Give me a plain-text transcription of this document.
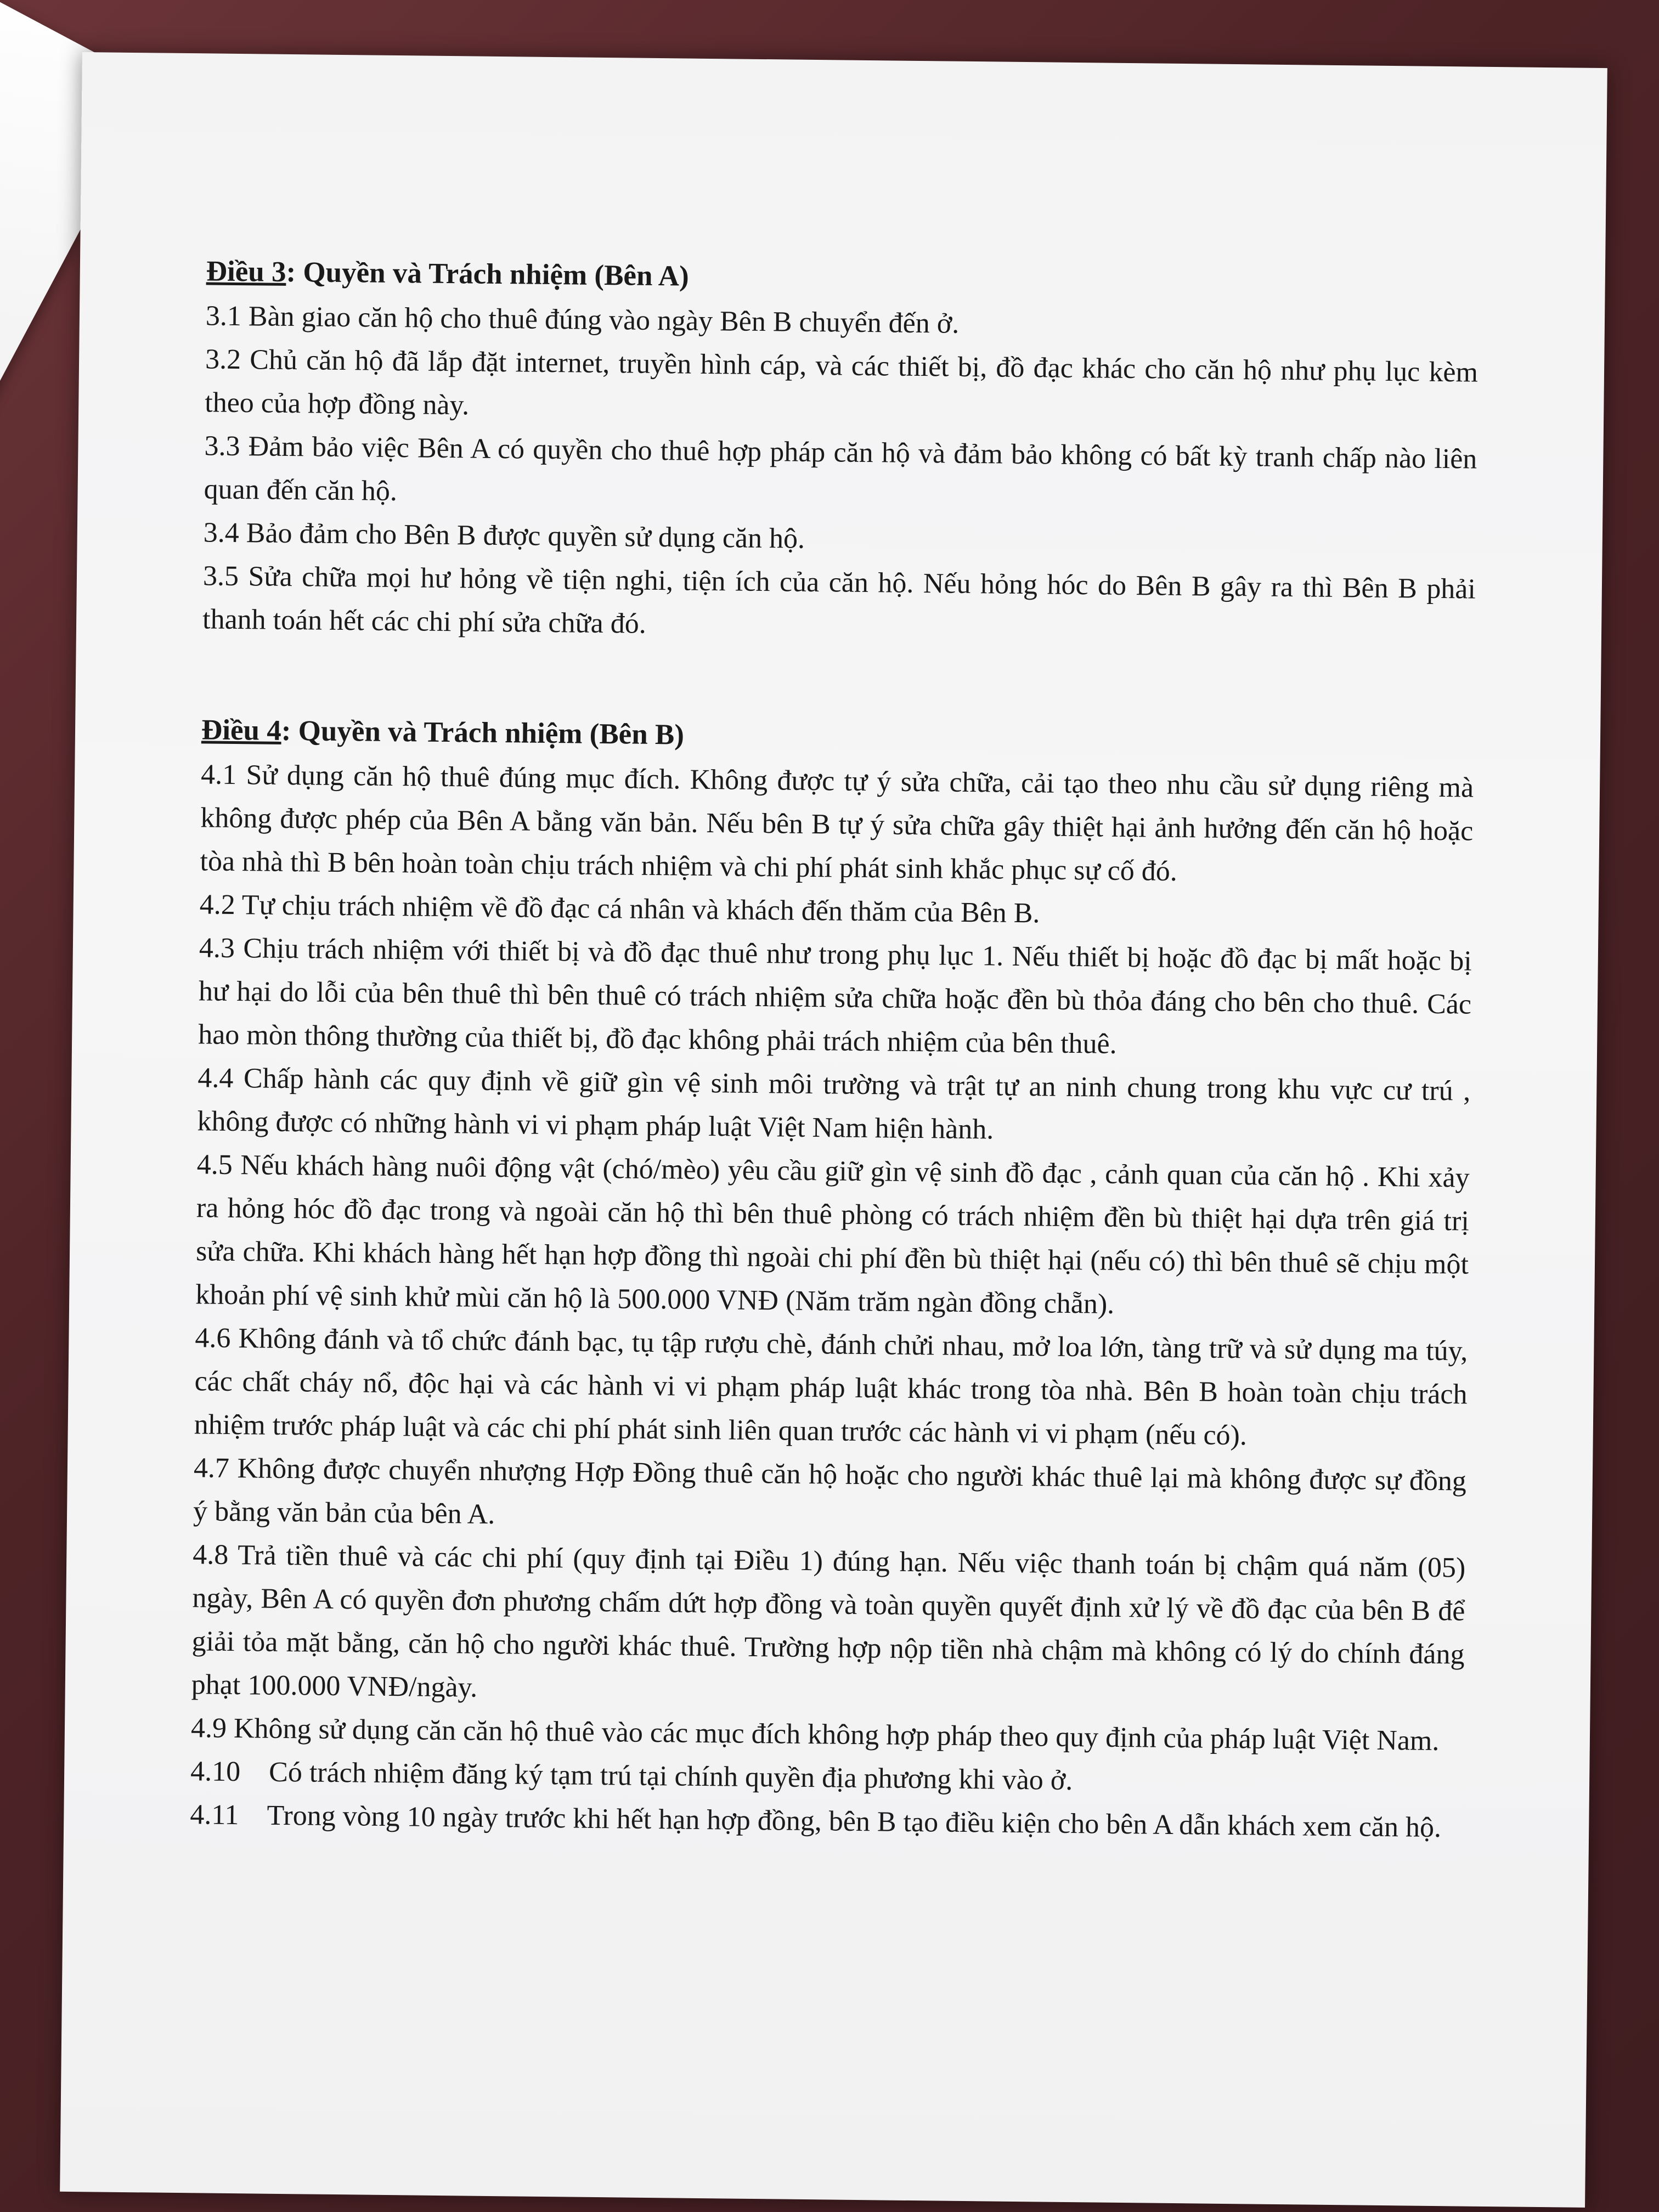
Điều 3: Quyền và Trách nhiệm (Bên A)

3.1 Bàn giao căn hộ cho thuê đúng vào ngày Bên B chuyển đến ở.

3.2 Chủ căn hộ đã lắp đặt internet, truyền hình cáp, và các thiết bị, đồ đạc khác cho căn hộ như phụ lục kèm theo của hợp đồng này.

3.3 Đảm bảo việc Bên A có quyền cho thuê hợp pháp căn hộ và đảm bảo không có bất kỳ tranh chấp nào liên quan đến căn hộ.

3.4 Bảo đảm cho Bên B được quyền sử dụng căn hộ.

3.5 Sửa chữa mọi hư hỏng về tiện nghi, tiện ích của căn hộ. Nếu hỏng hóc do Bên B gây ra thì Bên B phải thanh toán hết các chi phí sửa chữa đó.

Điều 4: Quyền và Trách nhiệm (Bên B)

4.1 Sử dụng căn hộ thuê đúng mục đích. Không được tự ý sửa chữa, cải tạo theo nhu cầu sử dụng riêng mà không được phép của Bên A bằng văn bản. Nếu bên B tự ý sửa chữa gây thiệt hại ảnh hưởng đến căn hộ hoặc tòa nhà thì B bên hoàn toàn chịu trách nhiệm và chi phí phát sinh khắc phục sự cố đó.

4.2 Tự chịu trách nhiệm về đồ đạc cá nhân và khách đến thăm của Bên B.

4.3 Chịu trách nhiệm với thiết bị và đồ đạc thuê như trong phụ lục 1. Nếu thiết bị hoặc đồ đạc bị mất hoặc bị hư hại do lỗi của bên thuê thì bên thuê có trách nhiệm sửa chữa hoặc đền bù thỏa đáng cho bên cho thuê. Các hao mòn thông thường của thiết bị, đồ đạc không phải trách nhiệm của bên thuê.

4.4 Chấp hành các quy định về giữ gìn vệ sinh môi trường và trật tự an ninh chung trong khu vực cư trú , không được có những hành vi vi phạm pháp luật Việt Nam hiện hành.

4.5 Nếu khách hàng nuôi động vật (chó/mèo) yêu cầu giữ gìn vệ sinh đồ đạc , cảnh quan của căn hộ . Khi xảy ra hỏng hóc đồ đạc trong và ngoài căn hộ thì bên thuê phòng có trách nhiệm đền bù thiệt hại dựa trên giá trị sửa chữa. Khi khách hàng hết hạn hợp đồng thì ngoài chi phí đền bù thiệt hại (nếu có) thì bên thuê sẽ chịu một khoản phí vệ sinh khử mùi căn hộ là 500.000 VNĐ (Năm trăm ngàn đồng chẵn).

4.6 Không đánh và tổ chức đánh bạc, tụ tập rượu chè, đánh chửi nhau, mở loa lớn, tàng trữ và sử dụng ma túy, các chất cháy nổ, độc hại và các hành vi vi phạm pháp luật khác trong tòa nhà. Bên B hoàn toàn chịu trách nhiệm trước pháp luật và các chi phí phát sinh liên quan trước các hành vi vi phạm (nếu có).

4.7 Không được chuyển nhượng Hợp Đồng thuê căn hộ hoặc cho người khác thuê lại mà không được sự đồng ý bằng văn bản của bên A.

4.8 Trả tiền thuê và các chi phí (quy định tại Điều 1) đúng hạn. Nếu việc thanh toán bị chậm quá năm (05) ngày, Bên A có quyền đơn phương chấm dứt hợp đồng và toàn quyền quyết định xử lý về đồ đạc của bên B để giải tỏa mặt bằng, căn hộ cho người khác thuê. Trường hợp nộp tiền nhà chậm mà không có lý do chính đáng phạt 100.000 VNĐ/ngày.

4.9 Không sử dụng căn căn hộ thuê vào các mục đích không hợp pháp theo quy định của pháp luật Việt Nam.

4.10    Có trách nhiệm đăng ký tạm trú tại chính quyền địa phương khi vào ở.

4.11    Trong vòng 10 ngày trước khi hết hạn hợp đồng, bên B tạo điều kiện cho bên A dẫn khách xem căn hộ.
